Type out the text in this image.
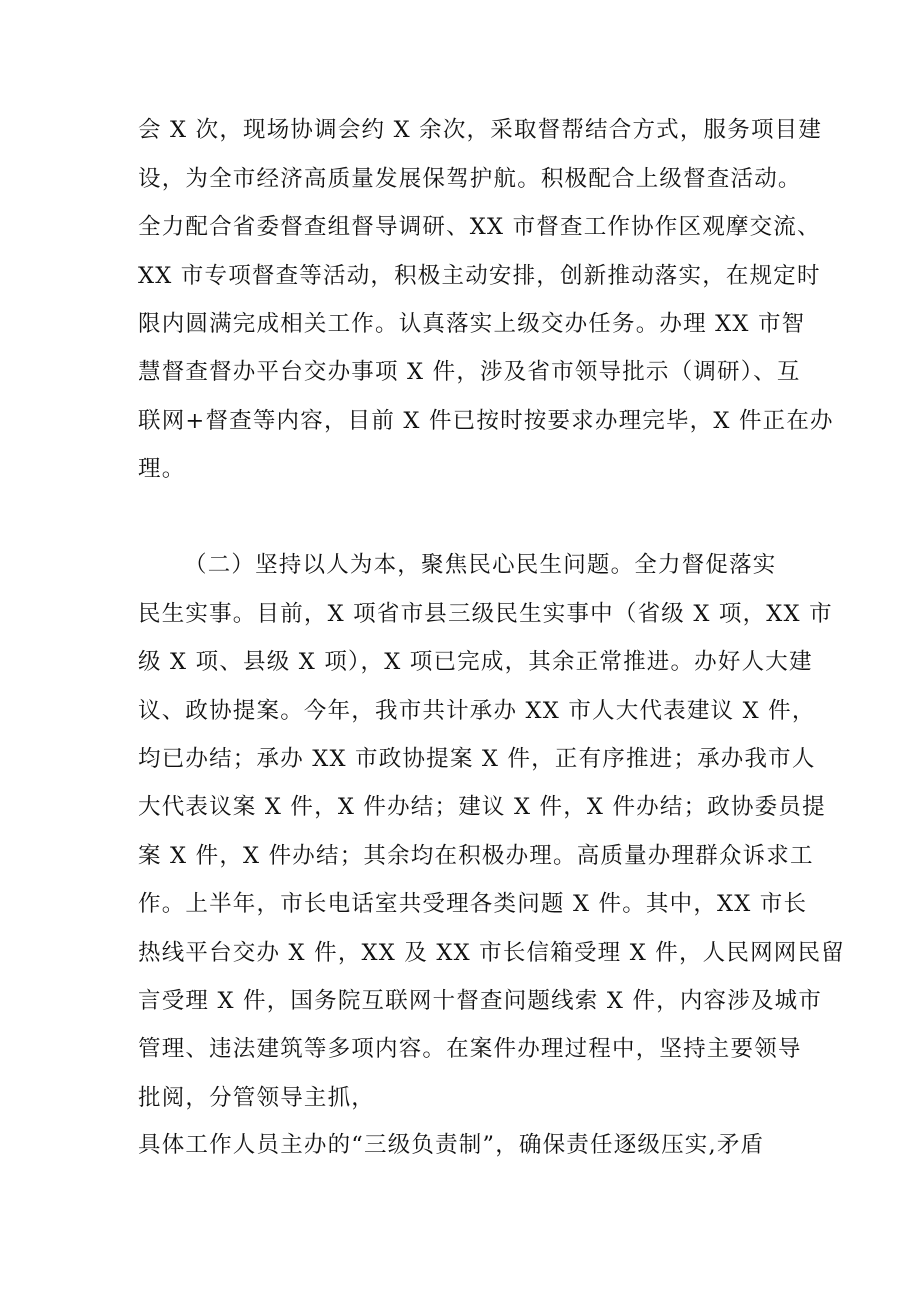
会 X 次，现场协调会约 X 余次，采取督帮结合方式，服务项目建
设，为全市经济高质量发展保驾护航。积极配合上级督查活动。
全力配合省委督查组督导调研、XX 市督查工作协作区观摩交流、
XX 市专项督查等活动，积极主动安排，创新推动落实，在规定时
限内圆满完成相关工作。认真落实上级交办任务。办理 XX 市智
慧督查督办平台交办事项 X 件，涉及省市领导批示（调研）、互
联网+督查等内容，目前 X 件已按时按要求办理完毕，X 件正在办
理。
（二）坚持以人为本，聚焦民心民生问题。全力督促落实
民生实事。目前，X 项省市县三级民生实事中（省级 X 项，XX 市
级 X 项、县级 X 项），X 项已完成，其余正常推进。办好人大建
议、政协提案。今年，我市共计承办 XX 市人大代表建议 X 件，
均已办结；承办 XX 市政协提案 X 件，正有序推进；承办我市人
大代表议案 X 件，X 件办结；建议 X 件，X 件办结；政协委员提
案 X 件，X 件办结；其余均在积极办理。高质量办理群众诉求工
作。上半年，市长电话室共受理各类问题 X 件。其中，XX 市长
热线平台交办 X 件，XX 及 XX 市长信箱受理 X 件，人民网网民留
言受理 X 件，国务院互联网十督查问题线索 X 件，内容涉及城市
管理、违法建筑等多项内容。在案件办理过程中，坚持主要领导
批阅，分管领导主抓，
具体工作人员主办的“三级负责制”，确保责任逐级压实,矛盾
